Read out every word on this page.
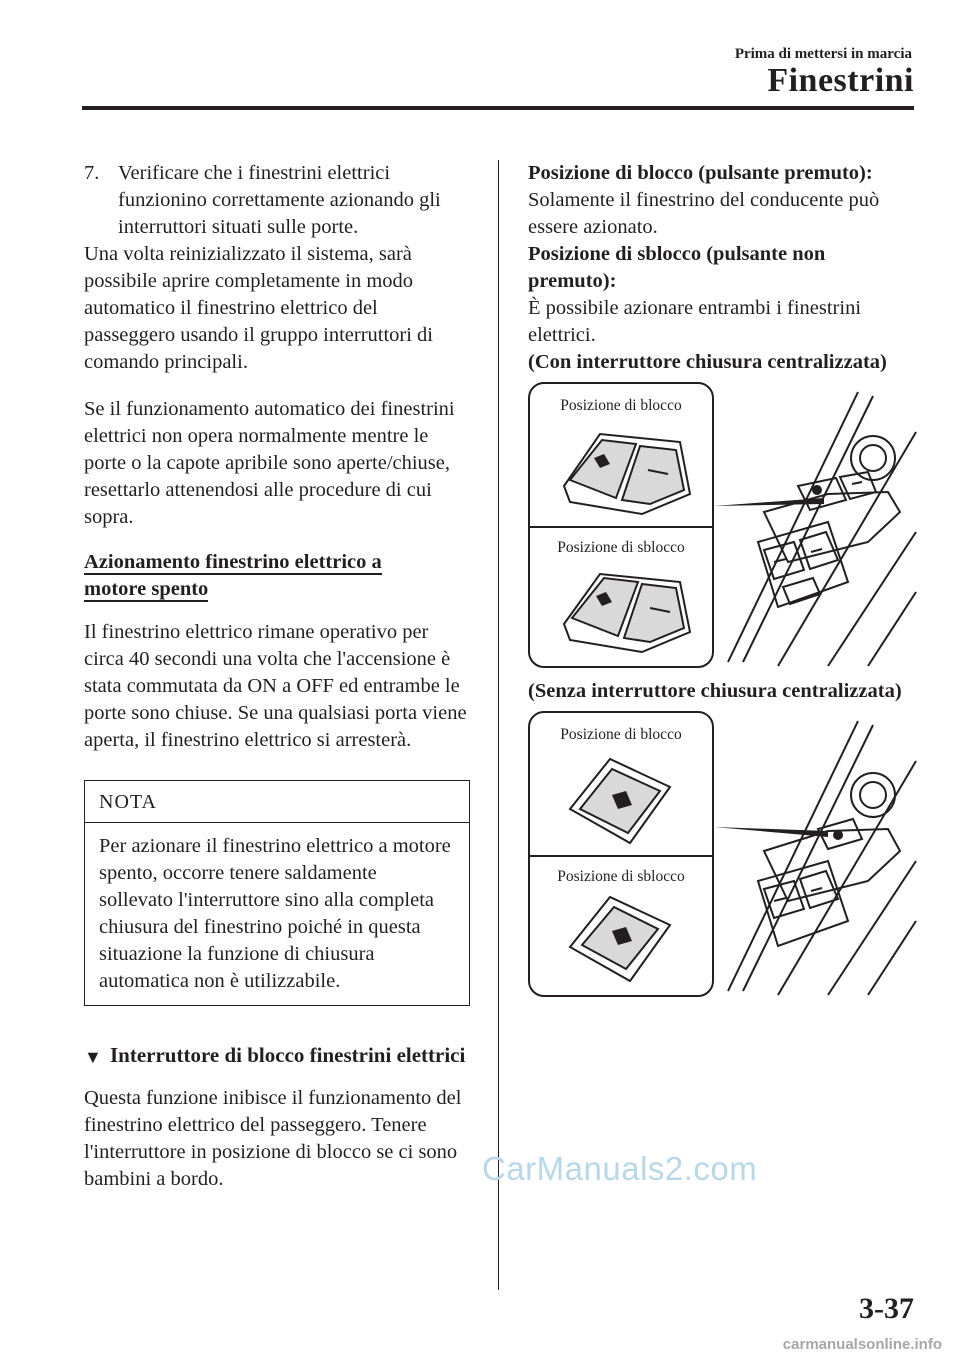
Prima di mettersi in marcia
Finestrini
7. Verificare che i finestrini elettrici funzionino correttamente azionando gli interruttori situati sulle porte.
Una volta reinizializzato il sistema, sarà possibile aprire completamente in modo automatico il finestrino elettrico del passeggero usando il gruppo interruttori di comando principali.
Se il funzionamento automatico dei finestrini elettrici non opera normalmente mentre le porte o la capote apribile sono aperte/chiuse, resettarlo attenendosi alle procedure di cui sopra.
Azionamento finestrino elettrico a
motore spento
Il finestrino elettrico rimane operativo per circa 40 secondi una volta che l'accensione è stata commutata da ON a OFF ed entrambe le porte sono chiuse. Se una qualsiasi porta viene aperta, il finestrino elettrico si arresterà.
NOTA
Per azionare il finestrino elettrico a motore spento, occorre tenere saldamente sollevato l'interruttore sino alla completa chiusura del finestrino poiché in questa situazione la funzione di chiusura automatica non è utilizzabile.
▼ Interruttore di blocco finestrini elettrici
Questa funzione inibisce il funzionamento del finestrino elettrico del passeggero. Tenere l'interruttore in posizione di blocco se ci sono bambini a bordo.
Posizione di blocco (pulsante premuto):
Solamente il finestrino del conducente può essere azionato.
Posizione di sblocco (pulsante non premuto):
È possibile azionare entrambi i finestrini elettrici.
(Con interruttore chiusura centralizzata)
Posizione di blocco
Posizione di sblocco
(Senza interruttore chiusura centralizzata)
Posizione di blocco
Posizione di sblocco
CarManuals2.com
3-37
carmanualsonline.info
